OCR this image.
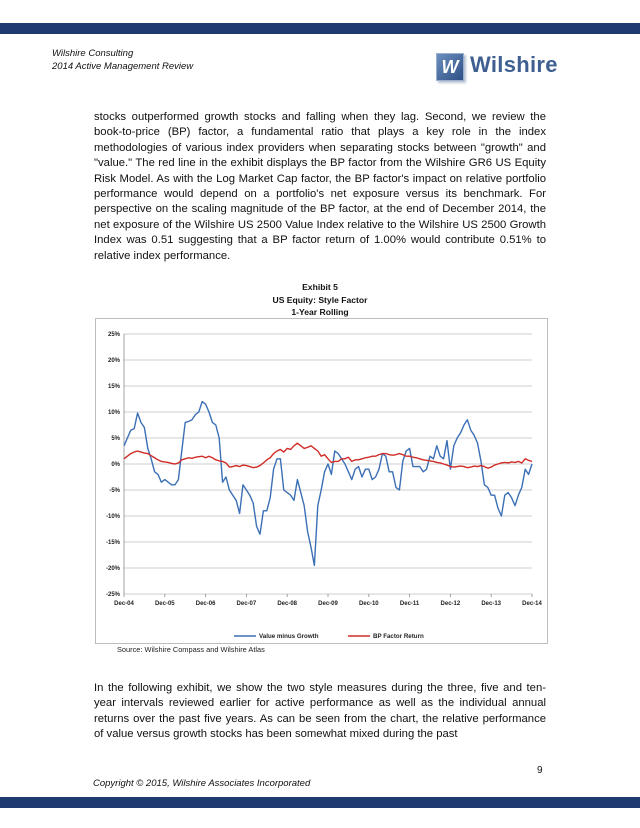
Wilshire Consulting
2014 Active Management Review	W Wilshire
stocks outperformed growth stocks and falling when they lag. Second, we review the book-to-price (BP) factor, a fundamental ratio that plays a key role in the index methodologies of various index providers when separating stocks between "growth" and "value." The red line in the exhibit displays the BP factor from the Wilshire GR6 US Equity Risk Model. As with the Log Market Cap factor, the BP factor's impact on relative portfolio performance would depend on a portfolio's net exposure versus its benchmark. For perspective on the scaling magnitude of the BP factor, at the end of December 2014, the net exposure of the Wilshire US 2500 Value Index relative to the Wilshire US 2500 Growth Index was 0.51 suggesting that a BP factor return of 1.00% would contribute 0.51% to relative index performance.
Exhibit 5
US Equity: Style Factor
1-Year Rolling
25%
20%
15%
10%
5%
0%
-5%
-10%
-15%
-20%
-25%
Dec-04	Dec-05	Dec-06	Dec-07	Dec-08	Dec-09	Dec-10	Dec-11	Dec-12	Dec-13	Dec-14
Value minus Growth	BP Factor Return
Source: Wilshire Compass and Wilshire Atlas
In the following exhibit, we show the two style measures during the three, five and ten-year intervals reviewed earlier for active performance as well as the individual annual returns over the past five years. As can be seen from the chart, the relative performance of value versus growth stocks has been somewhat mixed during the past
9
Copyright © 2015, Wilshire Associates Incorporated
